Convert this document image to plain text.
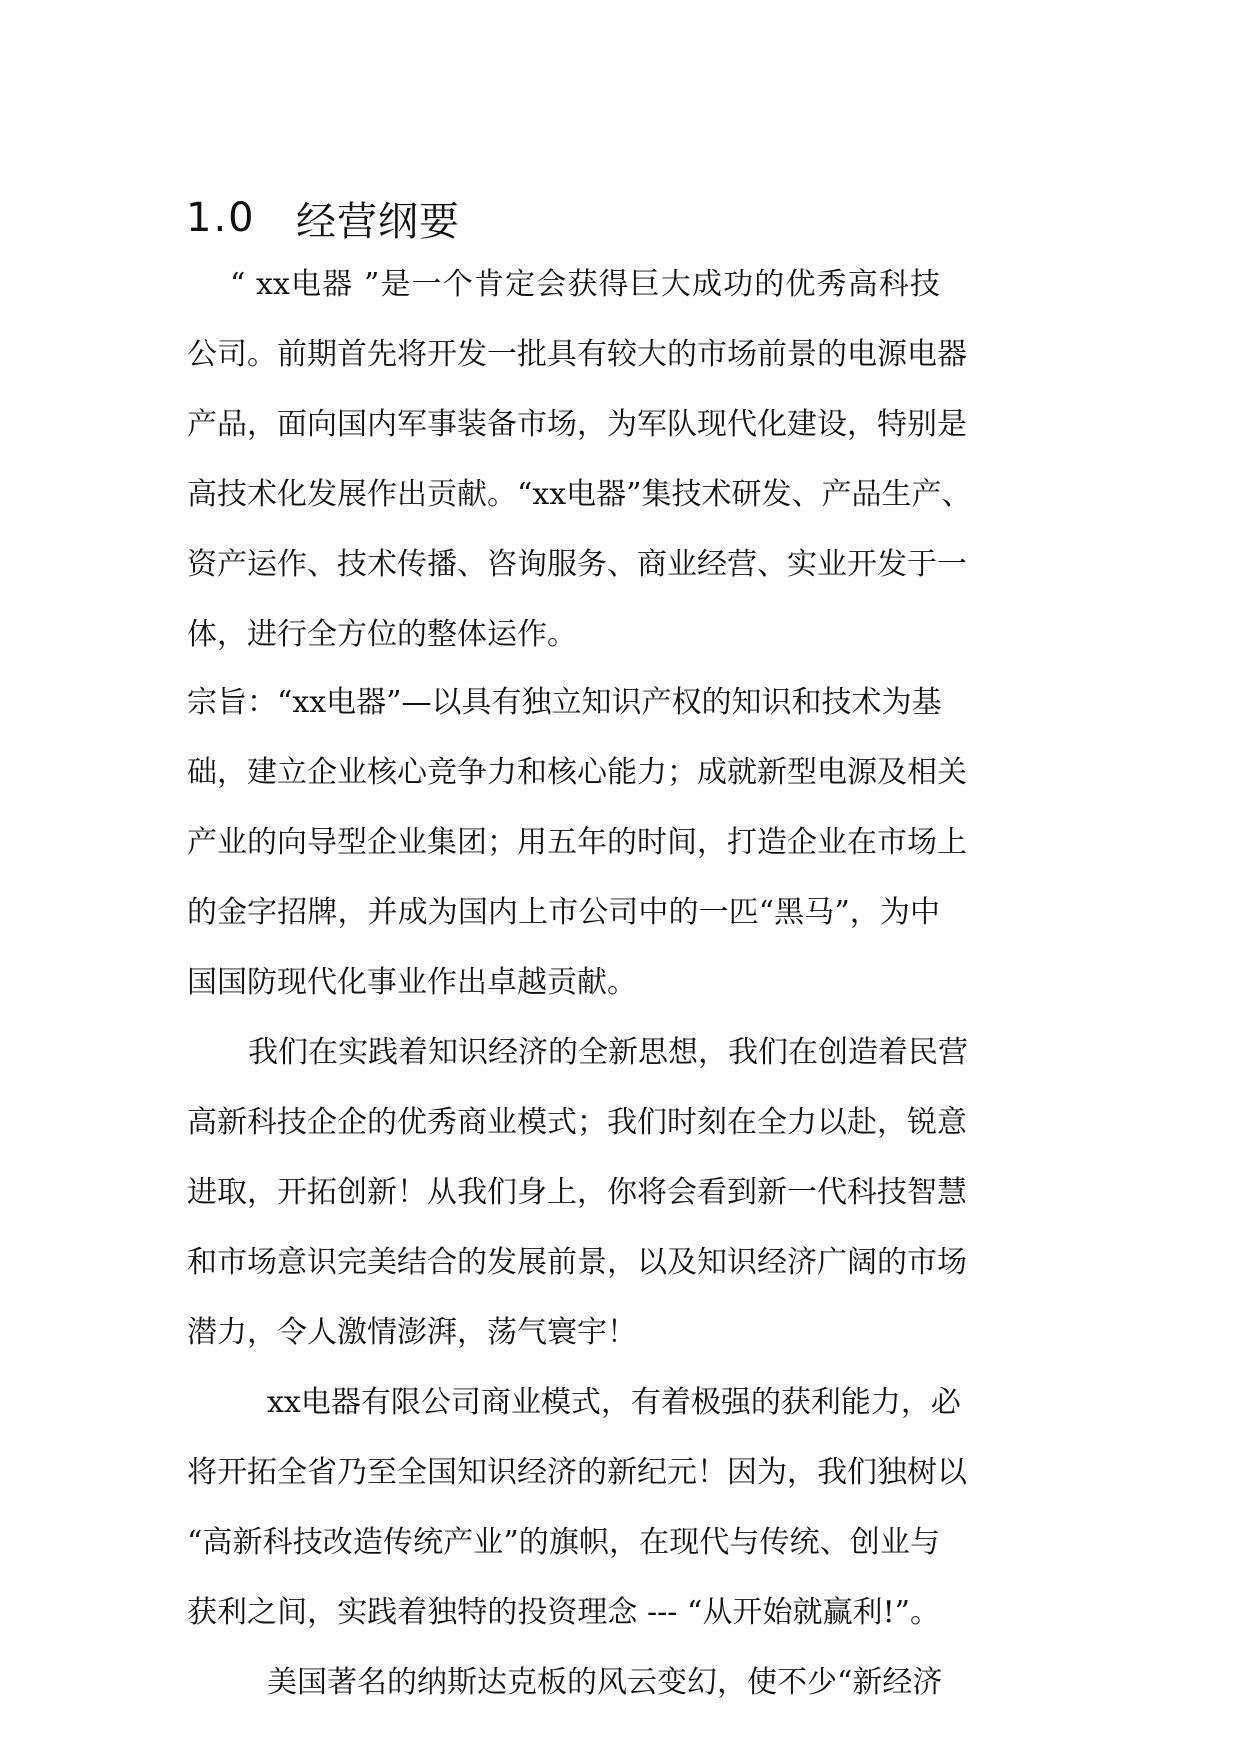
1.0	经营纲要
“ xx电器 ”是一个肯定会获得巨大成功的优秀高科技
公司。前期首先将开发一批具有较大的市场前景的电源电器
产品，面向国内军事装备市场，为军队现代化建设，特别是
高技术化发展作出贡献。“xx电器”集技术研发、产品生产、
资产运作、技术传播、咨询服务、商业经营、实业开发于一
体，进行全方位的整体运作。
宗旨：“xx电器”—以具有独立知识产权的知识和技术为基
础，建立企业核心竞争力和核心能力；成就新型电源及相关
产业的向导型企业集团；用五年的时间，打造企业在市场上
的金字招牌，并成为国内上市公司中的一匹“黑马”，为中
国国防现代化事业作出卓越贡献。
我们在实践着知识经济的全新思想，我们在创造着民营
高新科技企企的优秀商业模式；我们时刻在全力以赴，锐意
进取，开拓创新！从我们身上，你将会看到新一代科技智慧
和市场意识完美结合的发展前景，以及知识经济广阔的市场
潜力，令人激情澎湃，荡气寰宇！
xx电器有限公司商业模式，有着极强的获利能力，必
将开拓全省乃至全国知识经济的新纪元！因为，我们独树以
“高新科技改造传统产业”的旗帜，在现代与传统、创业与
获利之间，实践着独特的投资理念 --- “从开始就赢利!”。
美国著名的纳斯达克板的风云变幻，使不少“新经济
